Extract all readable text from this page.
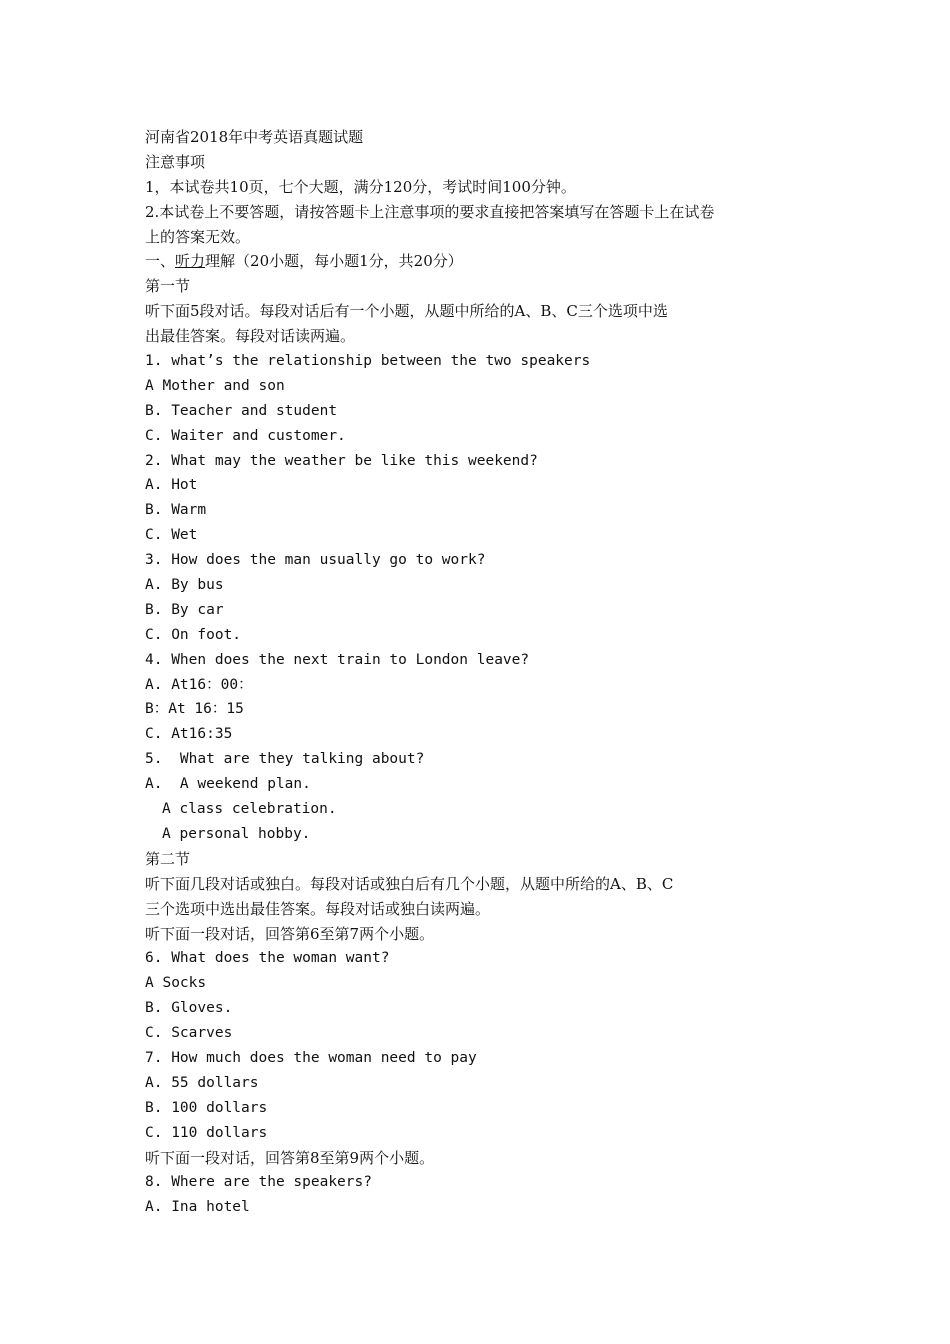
河南省2018年中考英语真题试题
注意事项
1，本试卷共10页，七个大题，满分120分，考试时间100分钟。
2.本试卷上不要答题，请按答题卡上注意事项的要求直接把答案填写在答题卡上在试卷
上的答案无效。
一、听力理解（20小题，每小题1分，共20分）
第一节
听下面5段对话。每段对话后有一个小题，从题中所给的A、B、C三个选项中选
出最佳答案。每段对话读两遍。
1. what’s the relationship between the two speakers
A Mother and son
B. Teacher and student
C. Waiter and customer.
2. What may the weather be like this weekend?
A. Hot
B. Warm
C. Wet
3. How does the man usually go to work?
A. By bus
B. By car
C. On foot.
4. When does the next train to London leave?
A. At16：00：
B：At 16：15
C. At16:35
5.  What are they talking about?
A.  A weekend plan.
A class celebration.
A personal hobby.
第二节
听下面几段对话或独白。每段对话或独白后有几个小题，从题中所给的A、B、C
三个选项中选出最佳答案。每段对话或独白读两遍。
听下面一段对话，回答第6至第7两个小题。
6. What does the woman want?
A Socks
B. Gloves.
C. Scarves
7. How much does the woman need to pay
A. 55 dollars
B. 100 dollars
C. 110 dollars
听下面一段对话，回答第8至第9两个小题。
8. Where are the speakers?
A. Ina hotel
